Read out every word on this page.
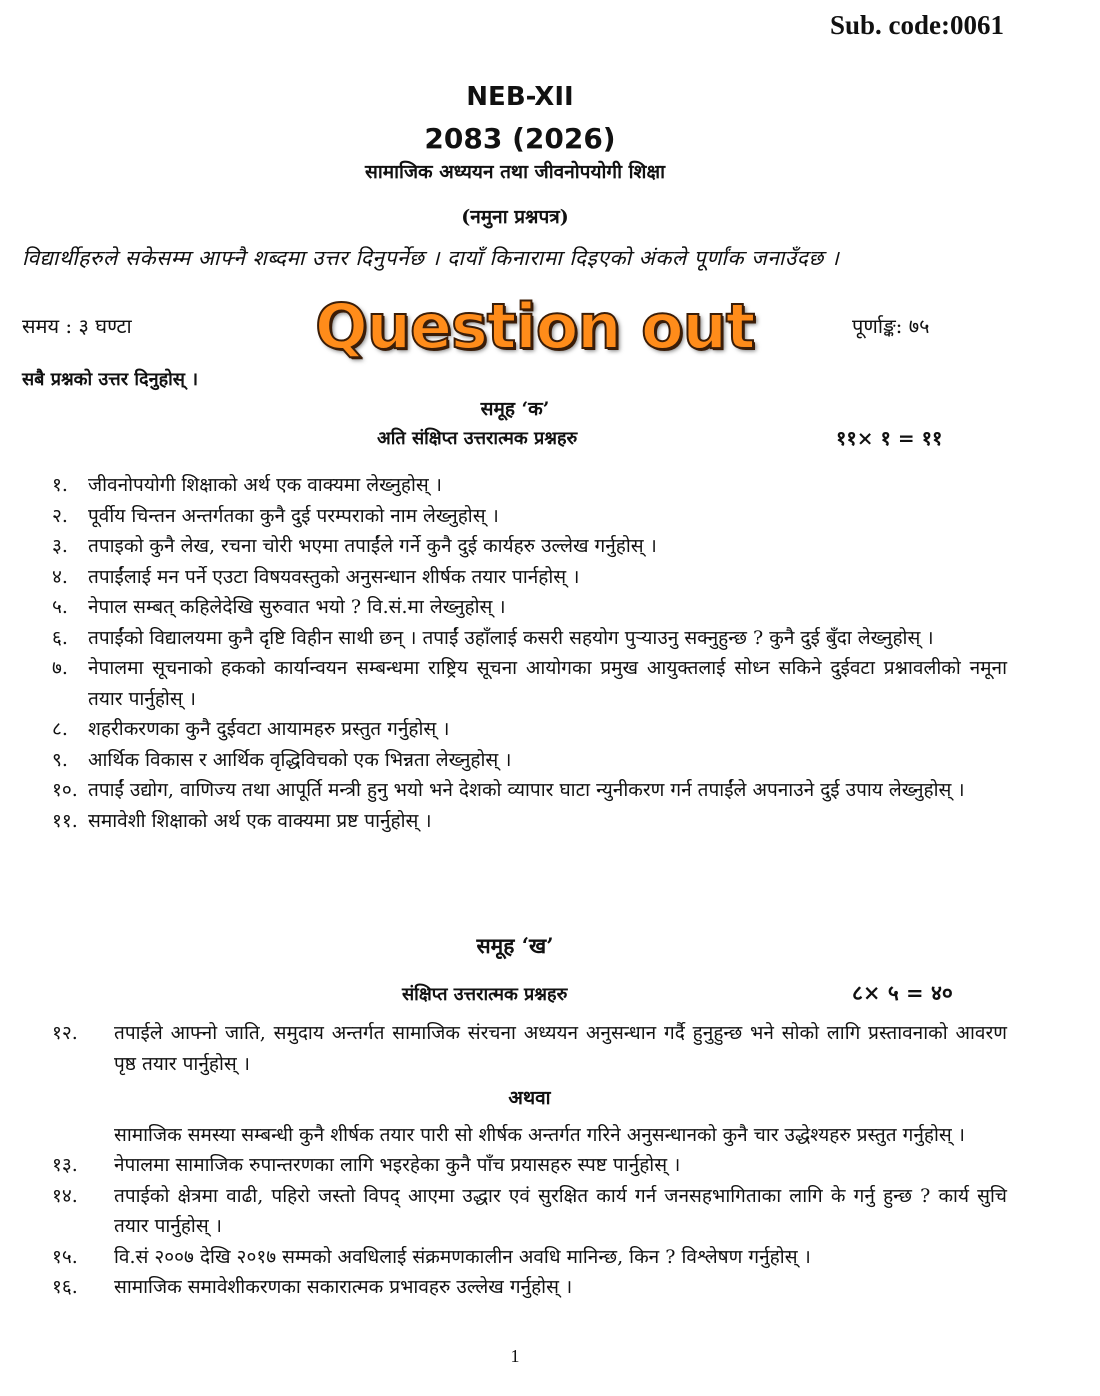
Sub. code:0061
NEB-XII
2083 (2026)
सामाजिक अध्ययन तथा जीवनोपयोगी शिक्षा
(नमुना प्रश्नपत्र)
विद्यार्थीहरुले सकेसम्म आफ्नै शब्दमा उत्तर दिनुपर्नेछ । दायाँ किनारामा दिइएको अंकले पूर्णांक जनाउँदछ ।
समय : ३ घण्टा	पूर्णाङ्क: ७५
Question out
सबै प्रश्नको उत्तर दिनुहोस् ।
समूह ‘क’
अति संक्षिप्त उत्तरात्मक प्रश्नहरु	११× १ = ११
१.	जीवनोपयोगी शिक्षाको अर्थ एक वाक्यमा लेख्नुहोस् ।
२.	पूर्वीय चिन्तन अन्तर्गतका कुनै दुई परम्पराको नाम लेख्नुहोस् ।
३.	तपाइको कुनै लेख, रचना चोरी भएमा तपाईंले गर्ने कुनै दुई कार्यहरु उल्लेख गर्नुहोस् ।
४.	तपाईंलाई मन पर्ने एउटा विषयवस्तुको अनुसन्धान शीर्षक तयार पार्नहोस् ।
५.	नेपाल सम्बत् कहिलेदेखि सुरुवात भयो ? वि.सं.मा लेख्नुहोस् ।
६.	तपाईंको विद्यालयमा कुनै दृष्टि विहीन साथी छन् । तपाईं उहाँलाई कसरी सहयोग पुऱ्याउनु सक्नुहुन्छ ? कुनै दुई बुँदा लेख्नुहोस् ।
७.	नेपालमा सूचनाको हकको कार्यान्वयन सम्बन्धमा राष्ट्रिय सूचना आयोगका प्रमुख आयुक्तलाई सोध्न सकिने दुईवटा प्रश्नावलीको नमूना तयार पार्नुहोस् ।
८.	शहरीकरणका कुनै दुईवटा आयामहरु प्रस्तुत गर्नुहोस् ।
९.	आर्थिक विकास र आर्थिक वृद्धिविचको एक भिन्नता लेख्नुहोस् ।
१०. तपाईं उद्योग, वाणिज्य तथा आपूर्ति मन्त्री हुनु भयो भने देशको व्यापार घाटा न्युनीकरण गर्न तपाईंले अपनाउने दुई उपाय लेख्नुहोस् ।
११. समावेशी शिक्षाको अर्थ एक वाक्यमा प्रष्ट पार्नुहोस् ।
समूह ‘ख’
संक्षिप्त उत्तरात्मक प्रश्नहरु	८× ५ = ४०
१२.	तपाईले आफ्नो जाति, समुदाय अन्तर्गत सामाजिक संरचना अध्ययन अनुसन्धान गर्दै हुनुहुन्छ भने सोको लागि प्रस्तावनाको आवरण पृष्ठ तयार पार्नुहोस् ।
अथवा
सामाजिक समस्या सम्बन्धी कुनै शीर्षक तयार पारी सो शीर्षक अन्तर्गत गरिने अनुसन्धानको कुनै चार उद्धेश्यहरु प्रस्तुत गर्नुहोस् ।
१३.	नेपालमा सामाजिक रुपान्तरणका लागि भइरहेका कुनै पाँच प्रयासहरु स्पष्ट पार्नुहोस् ।
१४.	तपाईको क्षेत्रमा वाढी, पहिरो जस्तो विपद् आएमा उद्धार एवं सुरक्षित कार्य गर्न जनसहभागिताका लागि के गर्नु हुन्छ ? कार्य सुचि तयार पार्नुहोस् ।
१५.	वि.सं २००७ देखि २०१७ सम्मको अवधिलाई संक्रमणकालीन अवधि मानिन्छ, किन ? विश्लेषण गर्नुहोस् ।
१६.	सामाजिक समावेशीकरणका सकारात्मक प्रभावहरु उल्लेख गर्नुहोस् ।
1
